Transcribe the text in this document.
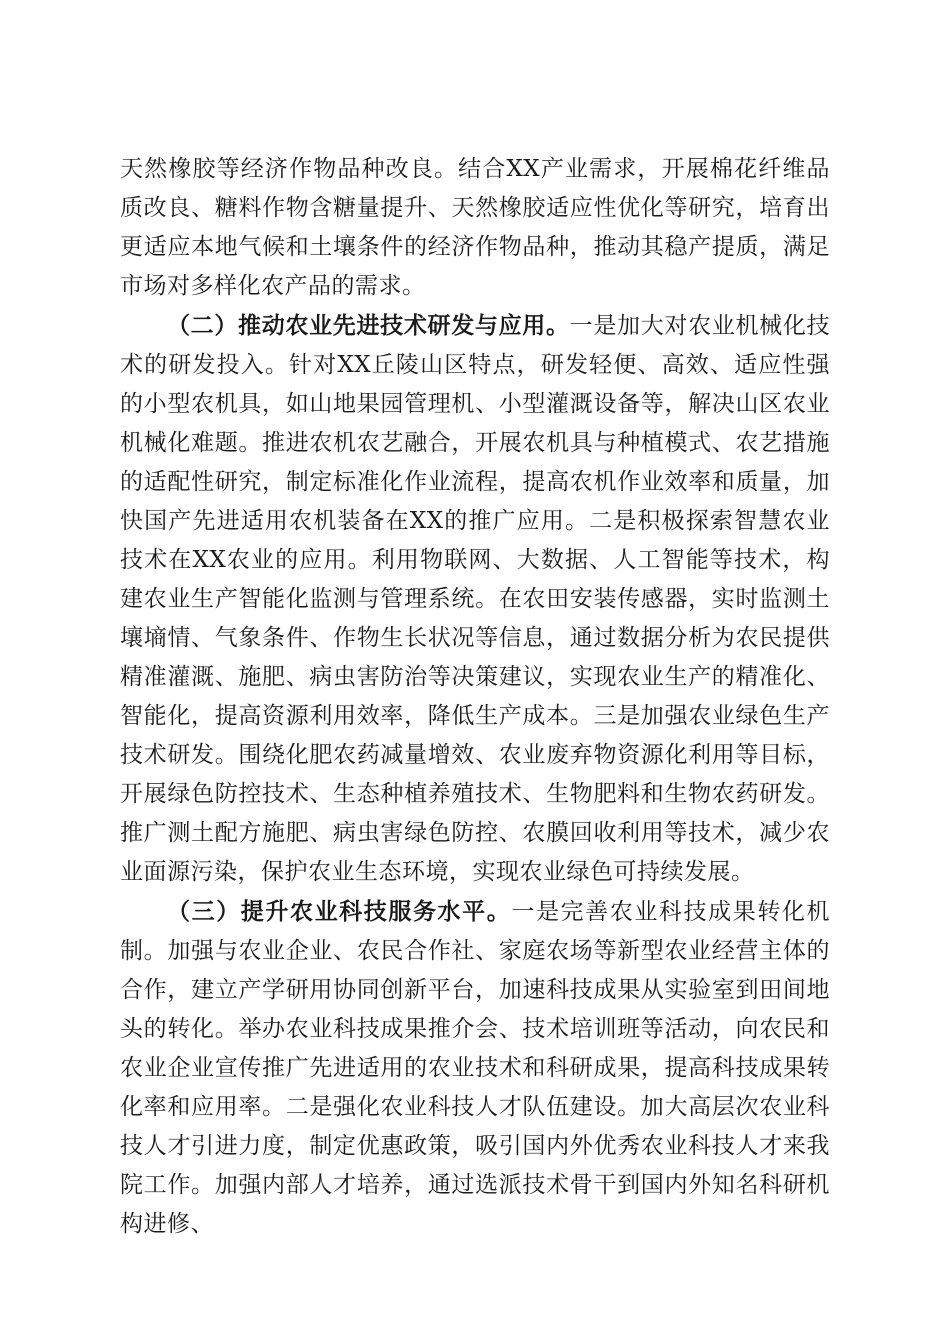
天然橡胶等经济作物品种改良。结合XX产业需求，开展棉花纤维品质改良、糖料作物含糖量提升、天然橡胶适应性优化等研究，培育出更适应本地气候和土壤条件的经济作物品种，推动其稳产提质，满足市场对多样化农产品的需求。

（二）推动农业先进技术研发与应用。一是加大对农业机械化技术的研发投入。针对XX丘陵山区特点，研发轻便、高效、适应性强的小型农机具，如山地果园管理机、小型灌溉设备等，解决山区农业机械化难题。推进农机农艺融合，开展农机具与种植模式、农艺措施的适配性研究，制定标准化作业流程，提高农机作业效率和质量，加快国产先进适用农机装备在XX的推广应用。二是积极探索智慧农业技术在XX农业的应用。利用物联网、大数据、人工智能等技术，构建农业生产智能化监测与管理系统。在农田安装传感器，实时监测土壤墒情、气象条件、作物生长状况等信息，通过数据分析为农民提供精准灌溉、施肥、病虫害防治等决策建议，实现农业生产的精准化、智能化，提高资源利用效率，降低生产成本。三是加强农业绿色生产技术研发。围绕化肥农药减量增效、农业废弃物资源化利用等目标，开展绿色防控技术、生态种植养殖技术、生物肥料和生物农药研发。推广测土配方施肥、病虫害绿色防控、农膜回收利用等技术，减少农业面源污染，保护农业生态环境，实现农业绿色可持续发展。

（三）提升农业科技服务水平。一是完善农业科技成果转化机制。加强与农业企业、农民合作社、家庭农场等新型农业经营主体的合作，建立产学研用协同创新平台，加速科技成果从实验室到田间地头的转化。举办农业科技成果推介会、技术培训班等活动，向农民和农业企业宣传推广先进适用的农业技术和科研成果，提高科技成果转化率和应用率。二是强化农业科技人才队伍建设。加大高层次农业科技人才引进力度，制定优惠政策，吸引国内外优秀农业科技人才来我院工作。加强内部人才培养，通过选派技术骨干到国内外知名科研机构进修、
